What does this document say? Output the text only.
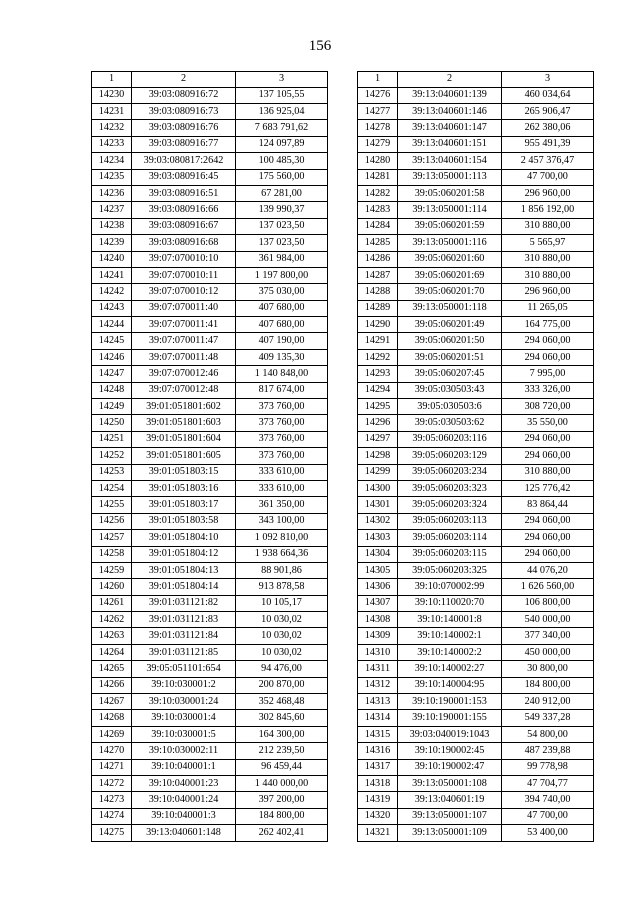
156
1	2	3
14230	39:03:080916:72	137 105,55
14231	39:03:080916:73	136 925,04
14232	39:03:080916:76	7 683 791,62
14233	39:03:080916:77	124 097,89
14234	39:03:080817:2642	100 485,30
14235	39:03:080916:45	175 560,00
14236	39:03:080916:51	67 281,00
14237	39:03:080916:66	139 990,37
14238	39:03:080916:67	137 023,50
14239	39:03:080916:68	137 023,50
14240	39:07:070010:10	361 984,00
14241	39:07:070010:11	1 197 800,00
14242	39:07:070010:12	375 030,00
14243	39:07:070011:40	407 680,00
14244	39:07:070011:41	407 680,00
14245	39:07:070011:47	407 190,00
14246	39:07:070011:48	409 135,30
14247	39:07:070012:46	1 140 848,00
14248	39:07:070012:48	817 674,00
14249	39:01:051801:602	373 760,00
14250	39:01:051801:603	373 760,00
14251	39:01:051801:604	373 760,00
14252	39:01:051801:605	373 760,00
14253	39:01:051803:15	333 610,00
14254	39:01:051803:16	333 610,00
14255	39:01:051803:17	361 350,00
14256	39:01:051803:58	343 100,00
14257	39:01:051804:10	1 092 810,00
14258	39:01:051804:12	1 938 664,36
14259	39:01:051804:13	88 901,86
14260	39:01:051804:14	913 878,58
14261	39:01:031121:82	10 105,17
14262	39:01:031121:83	10 030,02
14263	39:01:031121:84	10 030,02
14264	39:01:031121:85	10 030,02
14265	39:05:051101:654	94 476,00
14266	39:10:030001:2	200 870,00
14267	39:10:030001:24	352 468,48
14268	39:10:030001:4	302 845,60
14269	39:10:030001:5	164 300,00
14270	39:10:030002:11	212 239,50
14271	39:10:040001:1	96 459,44
14272	39:10:040001:23	1 440 000,00
14273	39:10:040001:24	397 200,00
14274	39:10:040001:3	184 800,00
14275	39:13:040601:148	262 402,41
1	2	3
14276	39:13:040601:139	460 034,64
14277	39:13:040601:146	265 906,47
14278	39:13:040601:147	262 380,06
14279	39:13:040601:151	955 491,39
14280	39:13:040601:154	2 457 376,47
14281	39:13:050001:113	47 700,00
14282	39:05:060201:58	296 960,00
14283	39:13:050001:114	1 856 192,00
14284	39:05:060201:59	310 880,00
14285	39:13:050001:116	5 565,97
14286	39:05:060201:60	310 880,00
14287	39:05:060201:69	310 880,00
14288	39:05:060201:70	296 960,00
14289	39:13:050001:118	11 265,05
14290	39:05:060201:49	164 775,00
14291	39:05:060201:50	294 060,00
14292	39:05:060201:51	294 060,00
14293	39:05:060207:45	7 995,00
14294	39:05:030503:43	333 326,00
14295	39:05:030503:6	308 720,00
14296	39:05:030503:62	35 550,00
14297	39:05:060203:116	294 060,00
14298	39:05:060203:129	294 060,00
14299	39:05:060203:234	310 880,00
14300	39:05:060203:323	125 776,42
14301	39:05:060203:324	83 864,44
14302	39:05:060203:113	294 060,00
14303	39:05:060203:114	294 060,00
14304	39:05:060203:115	294 060,00
14305	39:05:060203:325	44 076,20
14306	39:10:070002:99	1 626 560,00
14307	39:10:110020:70	106 800,00
14308	39:10:140001:8	540 000,00
14309	39:10:140002:1	377 340,00
14310	39:10:140002:2	450 000,00
14311	39:10:140002:27	30 800,00
14312	39:10:140004:95	184 800,00
14313	39:10:190001:153	240 912,00
14314	39:10:190001:155	549 337,28
14315	39:03:040019:1043	54 800,00
14316	39:10:190002:45	487 239,88
14317	39:10:190002:47	99 778,98
14318	39:13:050001:108	47 704,77
14319	39:13:040601:19	394 740,00
14320	39:13:050001:107	47 700,00
14321	39:13:050001:109	53 400,00
